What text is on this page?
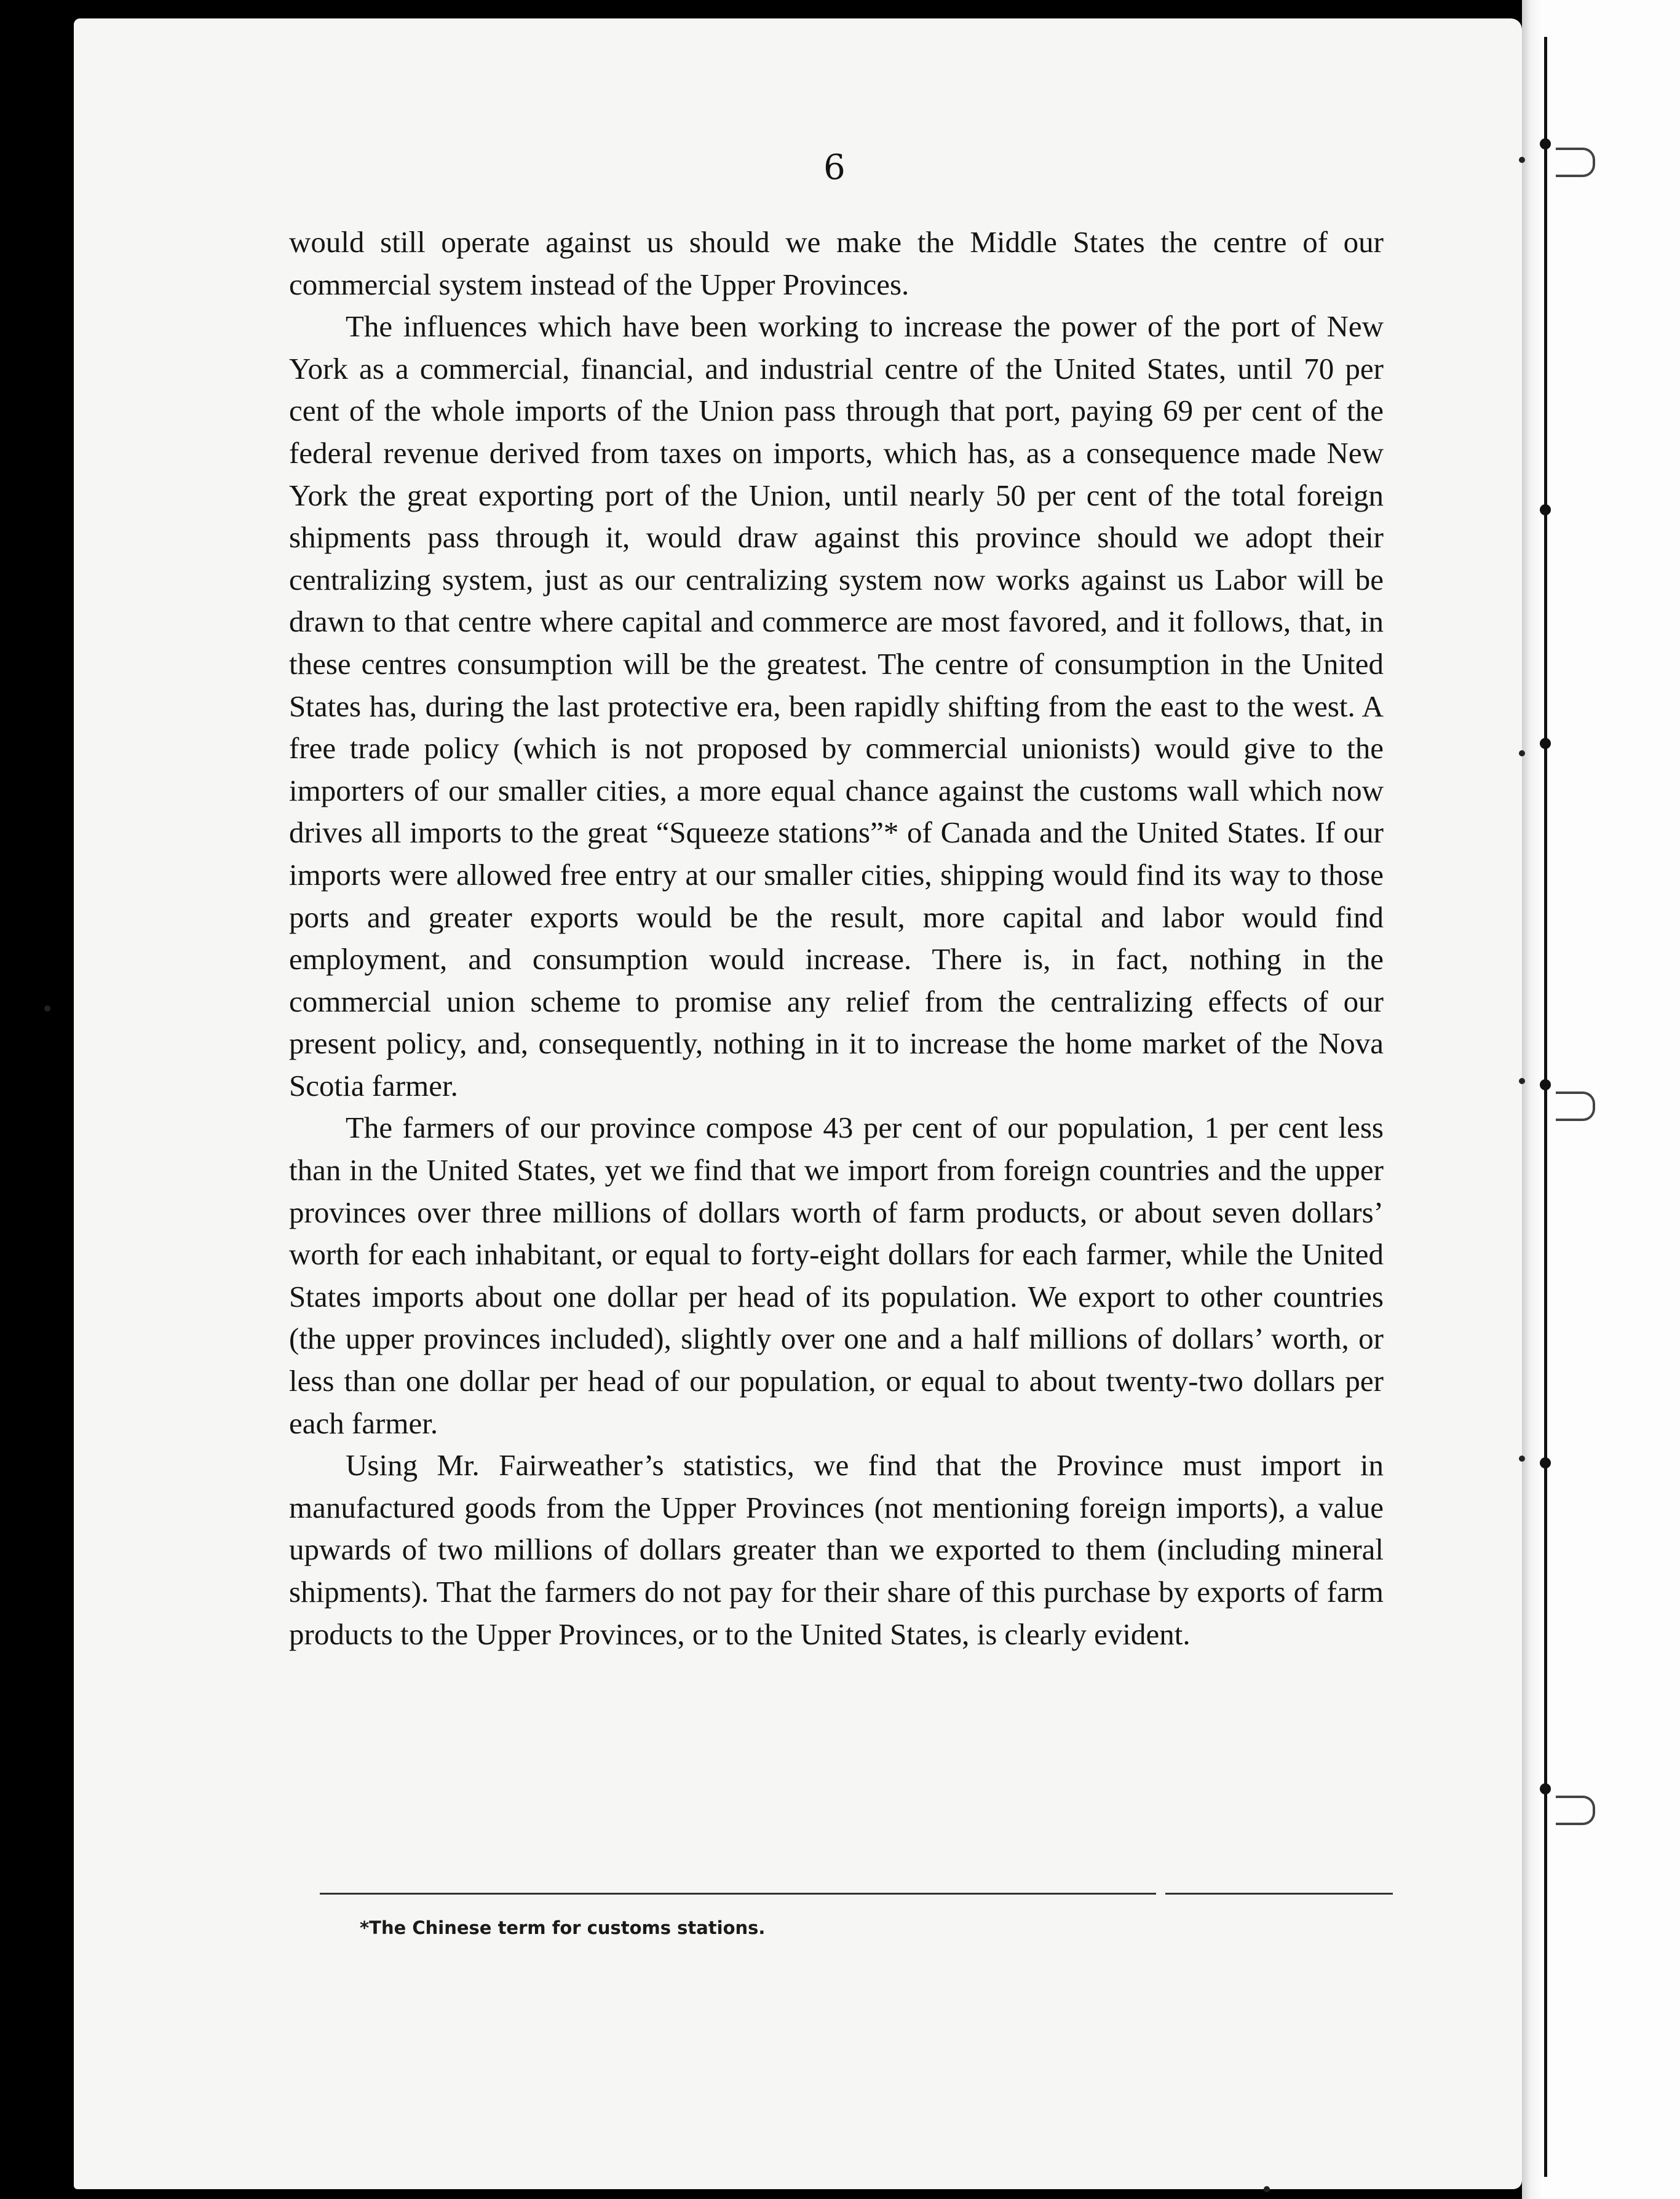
6

would still operate against us should we make the Middle States the centre of our commercial system instead of the Upper Provinces.

The influences which have been working to increase the power of the port of New York as a commercial, financial, and industrial centre of the United States, until 70 per cent of the whole imports of the Union pass through that port, paying 69 per cent of the federal revenue derived from taxes on imports, which has, as a consequence made New York the great exporting port of the Union, until nearly 50 per cent of the total foreign shipments pass through it, would draw against this province should we adopt their centralizing system, just as our centralizing system now works against us Labor will be drawn to that centre where capital and commerce are most favored, and it follows, that, in these centres consumption will be the greatest. The centre of consumption in the United States has, during the last protective era, been rapidly shifting from the east to the west. A free trade policy (which is not proposed by commercial unionists) would give to the importers of our smaller cities, a more equal chance against the customs wall which now drives all imports to the great “Squeeze stations”* of Canada and the United States. If our imports were allowed free entry at our smaller cities, shipping would find its way to those ports and greater exports would be the result, more capital and labor would find employment, and consumption would increase. There is, in fact, nothing in the commercial union scheme to promise any relief from the centralizing effects of our present policy, and, consequently, nothing in it to increase the home market of the Nova Scotia farmer.

The farmers of our province compose 43 per cent of our population, 1 per cent less than in the United States, yet we find that we import from foreign countries and the upper provinces over three millions of dollars worth of farm products, or about seven dollars’ worth for each inhabitant, or equal to forty-eight dollars for each farmer, while the United States imports about one dollar per head of its population. We export to other countries (the upper provinces included), slightly over one and a half millions of dollars’ worth, or less than one dollar per head of our population, or equal to about twenty-two dollars per each farmer.

Using Mr. Fairweather’s statistics, we find that the Province must import in manufactured goods from the Upper Provinces (not mentioning foreign imports), a value upwards of two millions of dollars greater than we exported to them (including mineral shipments). That the farmers do not pay for their share of this purchase by exports of farm products to the Upper Provinces, or to the United States, is clearly evident.

*The Chinese term for customs stations.
